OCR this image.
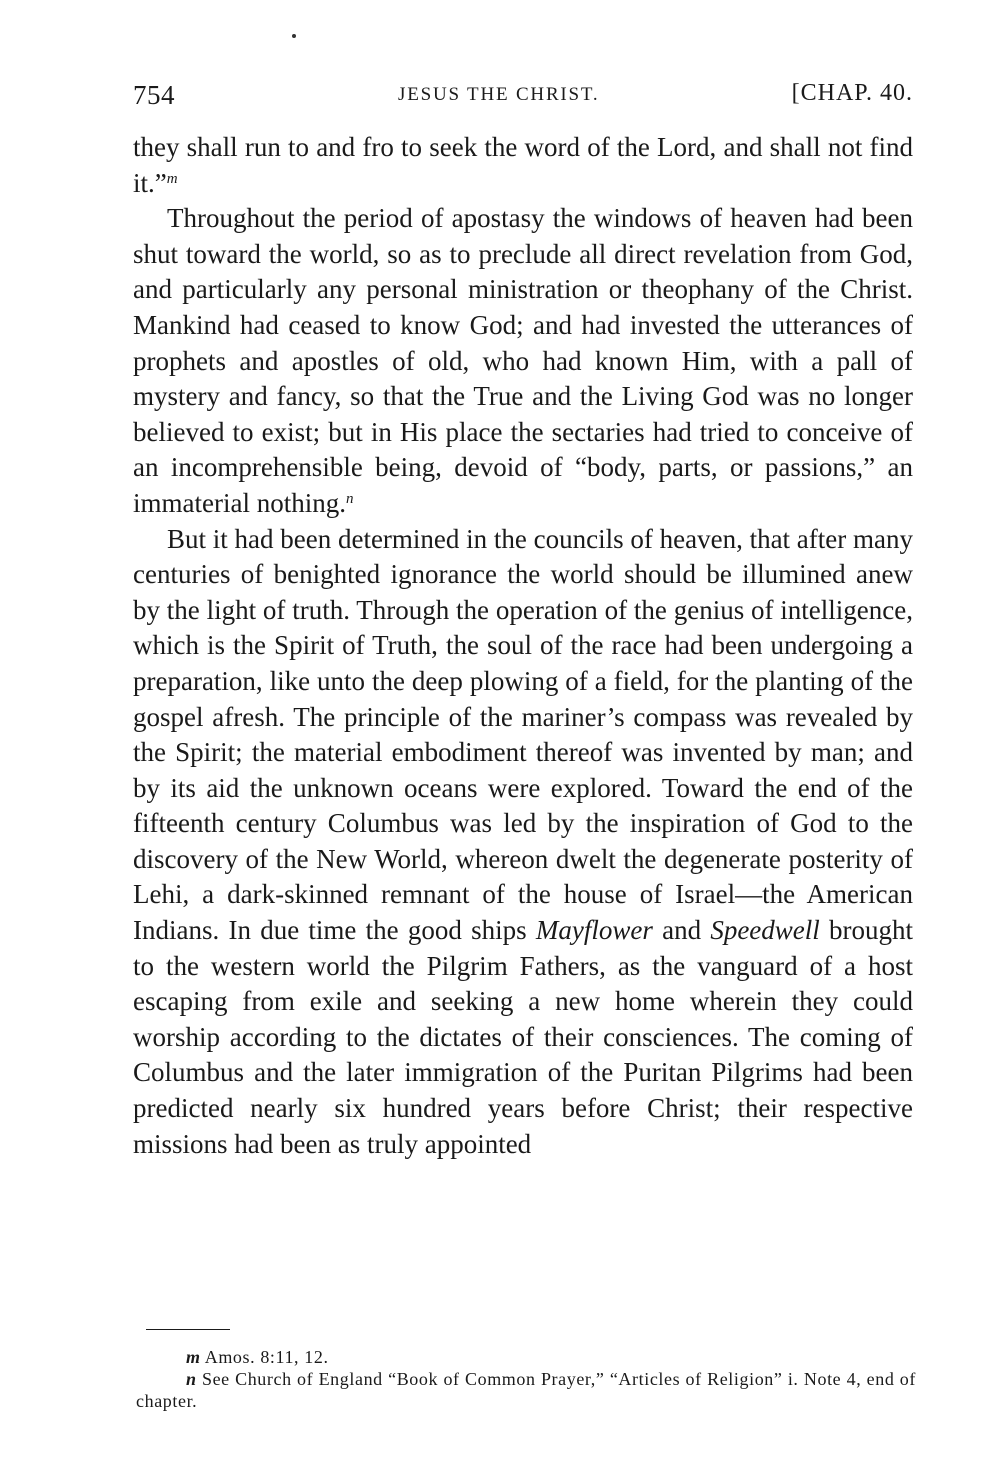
754	JESUS THE CHRIST.	[CHAP. 40.

they shall run to and fro to seek the word of the Lord, and shall not find it.”$^m$

Throughout the period of apostasy the windows of heaven had been shut toward the world, so as to preclude all direct revelation from God, and particularly any personal ministration or theophany of the Christ. Mankind had ceased to know God; and had invested the utterances of prophets and apostles of old, who had known Him, with a pall of mystery and fancy, so that the True and the Living God was no longer believed to exist; but in His place the sectaries had tried to conceive of an incomprehensible being, devoid of “body, parts, or passions,” an immaterial nothing.$^n$

But it had been determined in the councils of heaven, that after many centuries of benighted ignorance the world should be illumined anew by the light of truth. Through the operation of the genius of intelligence, which is the Spirit of Truth, the soul of the race had been undergoing a preparation, like unto the deep plowing of a field, for the planting of the gospel afresh. The principle of the mariner’s compass was revealed by the Spirit; the material embodiment thereof was invented by man; and by its aid the unknown oceans were explored. Toward the end of the fifteenth century Columbus was led by the inspiration of God to the discovery of the New World, whereon dwelt the degenerate posterity of Lehi, a dark-skinned remnant of the house of Israel—the American Indians. In due time the good ships Mayflower and Speedwell brought to the western world the Pilgrim Fathers, as the vanguard of a host escaping from exile and seeking a new home wherein they could worship according to the dictates of their consciences. The coming of Columbus and the later immigration of the Puritan Pilgrims had been predicted nearly six hundred years before Christ; their respective missions had been as truly appointed

m Amos. 8:11, 12.

n See Church of England “Book of Common Prayer,” “Articles of Religion” i. Note 4, end of chapter.
